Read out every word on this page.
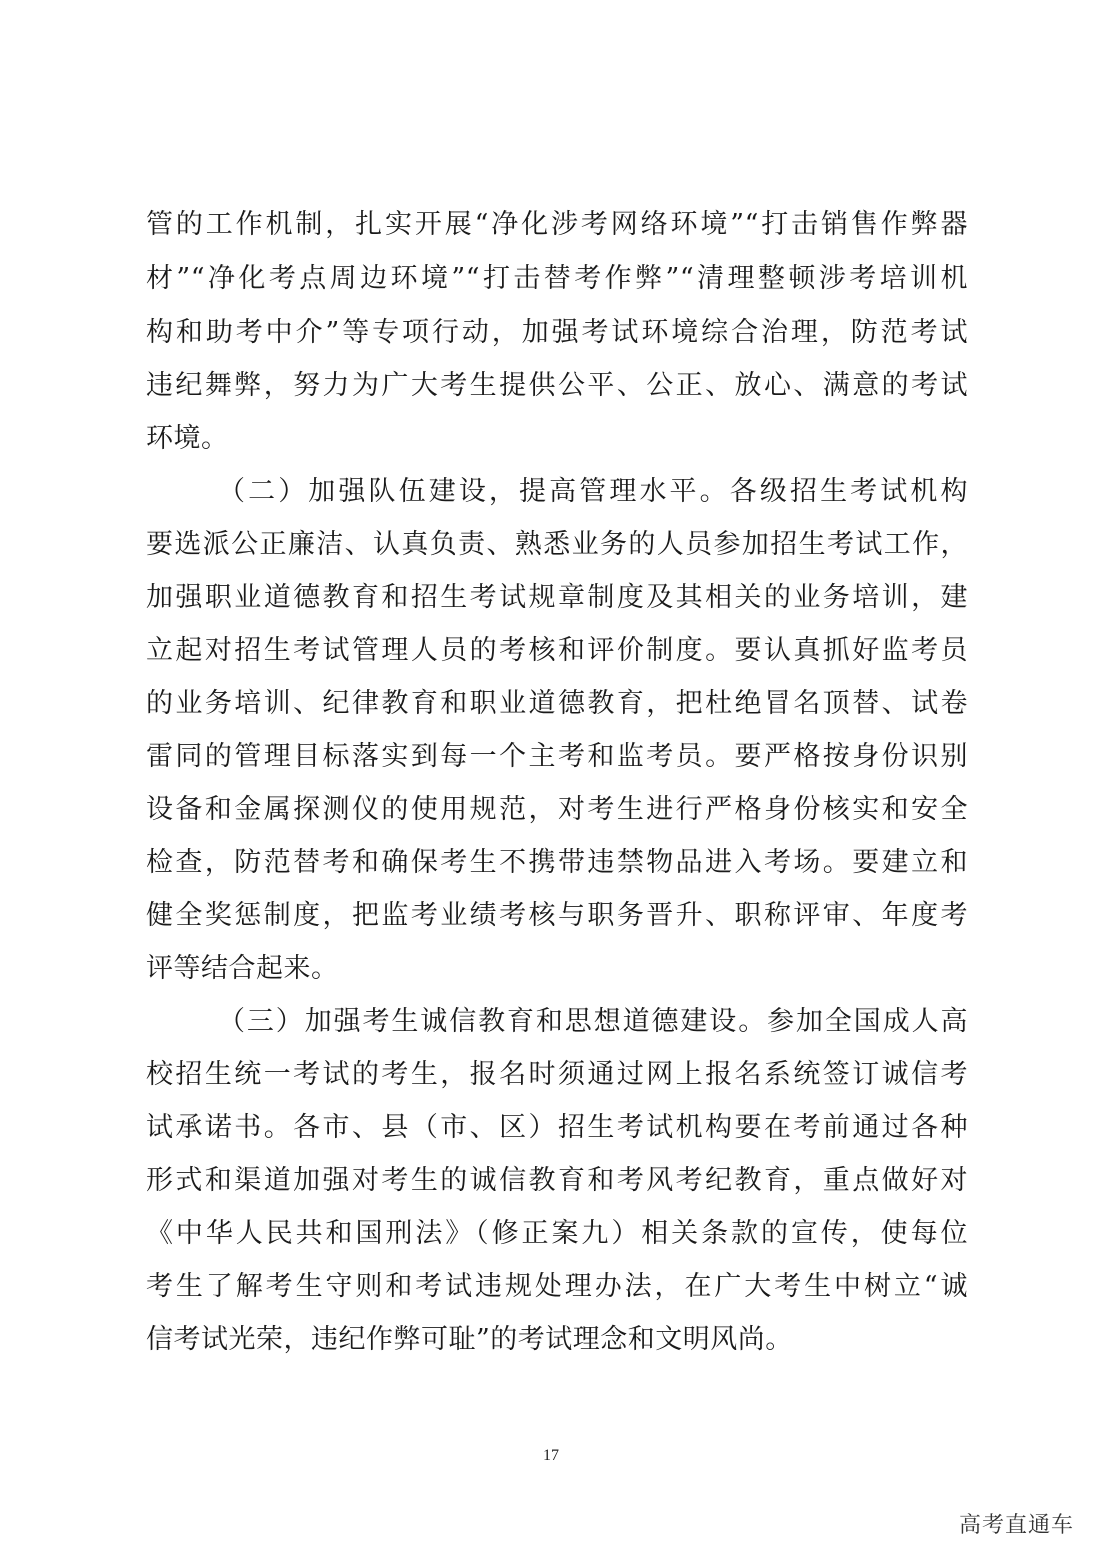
管的工作机制，扎实开展“净化涉考网络环境”“打击销售作弊器
材”“净化考点周边环境”“打击替考作弊”“清理整顿涉考培训机
构和助考中介”等专项行动，加强考试环境综合治理，防范考试
违纪舞弊，努力为广大考生提供公平、公正、放心、满意的考试
环境。
（二）加强队伍建设，提高管理水平。各级招生考试机构
要选派公正廉洁、认真负责、熟悉业务的人员参加招生考试工作，
加强职业道德教育和招生考试规章制度及其相关的业务培训，建
立起对招生考试管理人员的考核和评价制度。要认真抓好监考员
的业务培训、纪律教育和职业道德教育，把杜绝冒名顶替、试卷
雷同的管理目标落实到每一个主考和监考员。要严格按身份识别
设备和金属探测仪的使用规范，对考生进行严格身份核实和安全
检查，防范替考和确保考生不携带违禁物品进入考场。要建立和
健全奖惩制度，把监考业绩考核与职务晋升、职称评审、年度考
评等结合起来。
（三）加强考生诚信教育和思想道德建设。参加全国成人高
校招生统一考试的考生，报名时须通过网上报名系统签订诚信考
试承诺书。各市、县（市、区）招生考试机构要在考前通过各种
形式和渠道加强对考生的诚信教育和考风考纪教育，重点做好对
《中华人民共和国刑法》（修正案九）相关条款的宣传，使每位
考生了解考生守则和考试违规处理办法，在广大考生中树立“诚
信考试光荣，违纪作弊可耻”的考试理念和文明风尚。
17
高考直通车
